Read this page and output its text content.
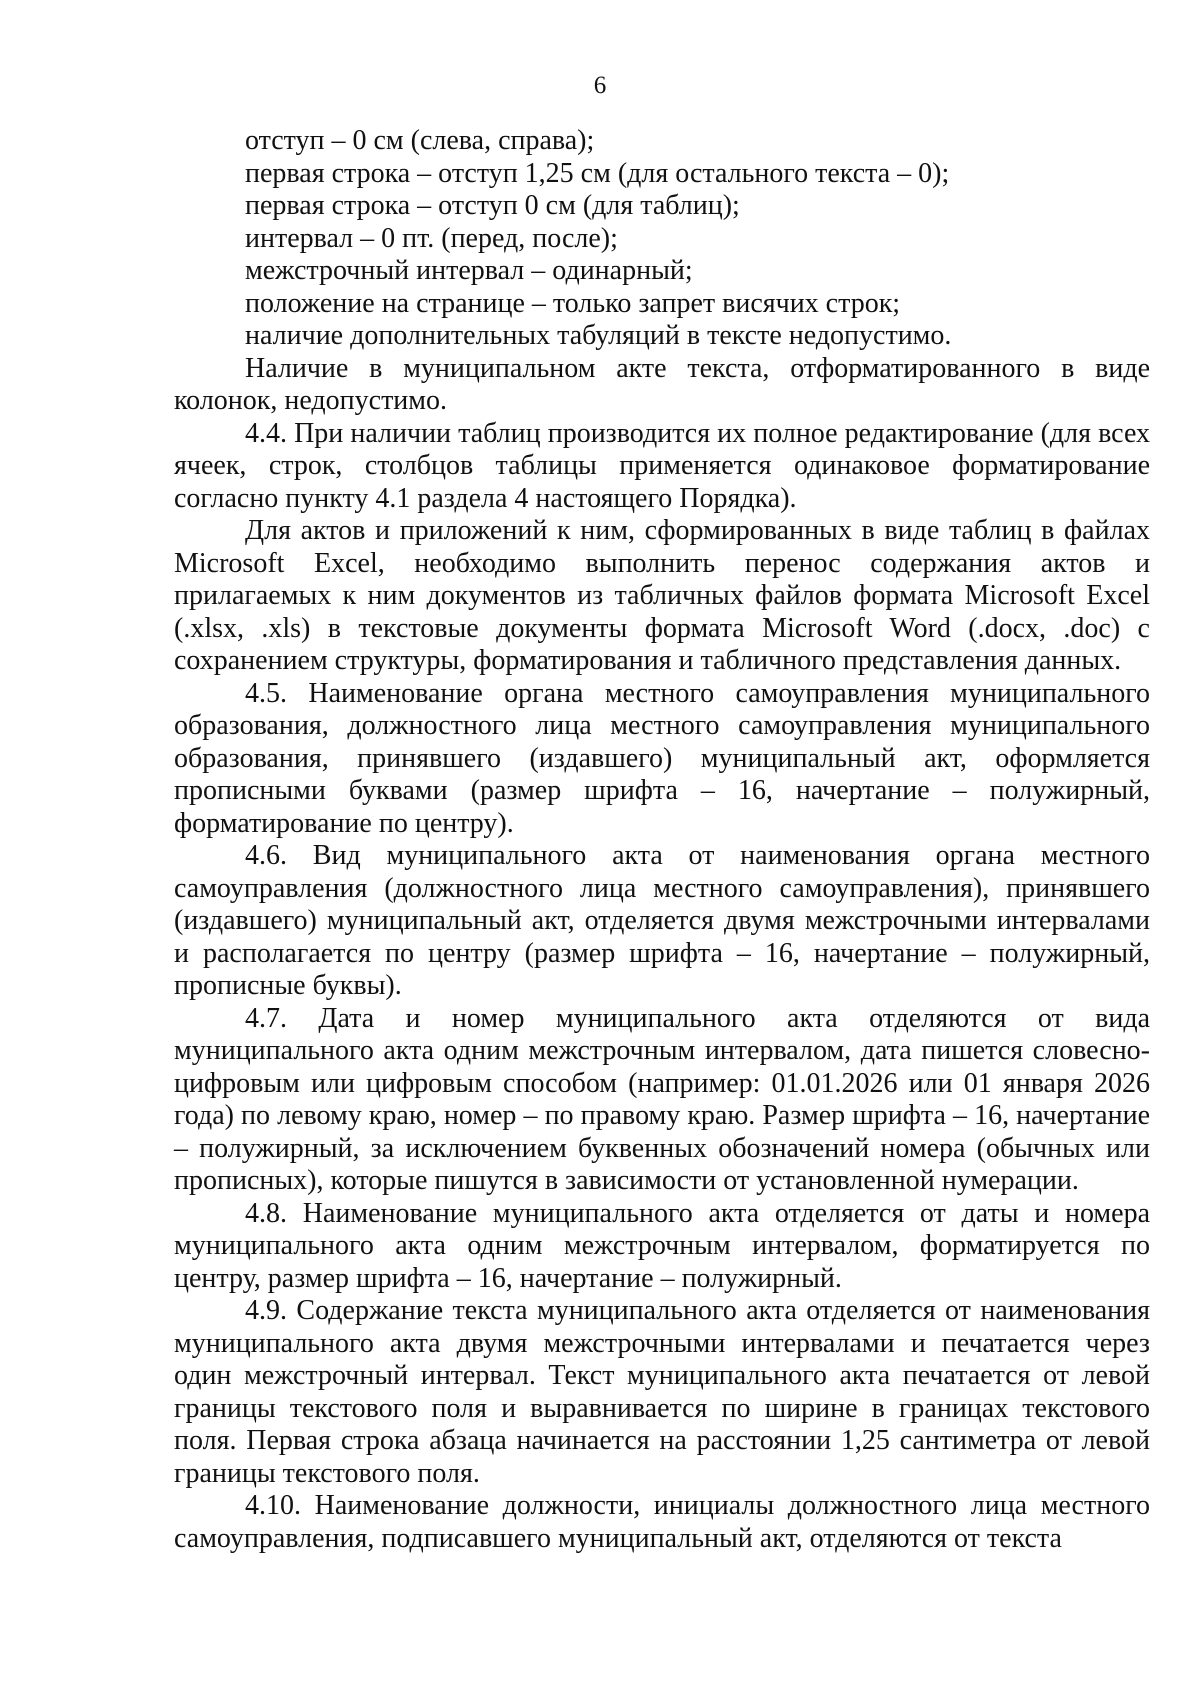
6
отступ – 0 см (слева, справа);
первая строка – отступ 1,25 см (для остального текста – 0);
первая строка – отступ 0 см (для таблиц);
интервал – 0 пт. (перед, после);
межстрочный интервал – одинарный;
положение на странице – только запрет висячих строк;
наличие дополнительных табуляций в тексте недопустимо.

Наличие в муниципальном акте текста, отформатированного в виде колонок, недопустимо.

4.4. При наличии таблиц производится их полное редактирование (для всех ячеек, строк, столбцов таблицы применяется одинаковое форматирование согласно пункту 4.1 раздела 4 настоящего Порядка).

Для актов и приложений к ним, сформированных в виде таблиц в файлах Microsoft Excel, необходимо выполнить перенос содержания актов и прилагаемых к ним документов из табличных файлов формата Microsoft Excel (.xlsx, .xls) в текстовые документы формата Microsoft Word (.docx, .doc) с сохранением структуры, форматирования и табличного представления данных.

4.5. Наименование органа местного самоуправления муниципального образования, должностного лица местного самоуправления муниципального образования, принявшего (издавшего) муниципальный акт, оформляется прописными буквами (размер шрифта – 16, начертание – полужирный, форматирование по центру).

4.6. Вид муниципального акта от наименования органа местного самоуправления (должностного лица местного самоуправления), принявшего (издавшего) муниципальный акт, отделяется двумя межстрочными интервалами и располагается по центру (размер шрифта – 16, начертание – полужирный, прописные буквы).

4.7. Дата и номер муниципального акта отделяются от вида муниципального акта одним межстрочным интервалом, дата пишется словесно-цифровым или цифровым способом (например: 01.01.2026 или 01 января 2026 года) по левому краю, номер – по правому краю. Размер шрифта – 16, начертание – полужирный, за исключением буквенных обозначений номера (обычных или прописных), которые пишутся в зависимости от установленной нумерации.

4.8. Наименование муниципального акта отделяется от даты и номера муниципального акта одним межстрочным интервалом, форматируется по центру, размер шрифта – 16, начертание – полужирный.

4.9. Содержание текста муниципального акта отделяется от наименования муниципального акта двумя межстрочными интервалами и печатается через один межстрочный интервал. Текст муниципального акта печатается от левой границы текстового поля и выравнивается по ширине в границах текстового поля. Первая строка абзаца начинается на расстоянии 1,25 сантиметра от левой границы текстового поля.

4.10. Наименование должности, инициалы должностного лица местного самоуправления, подписавшего муниципальный акт, отделяются от текста
